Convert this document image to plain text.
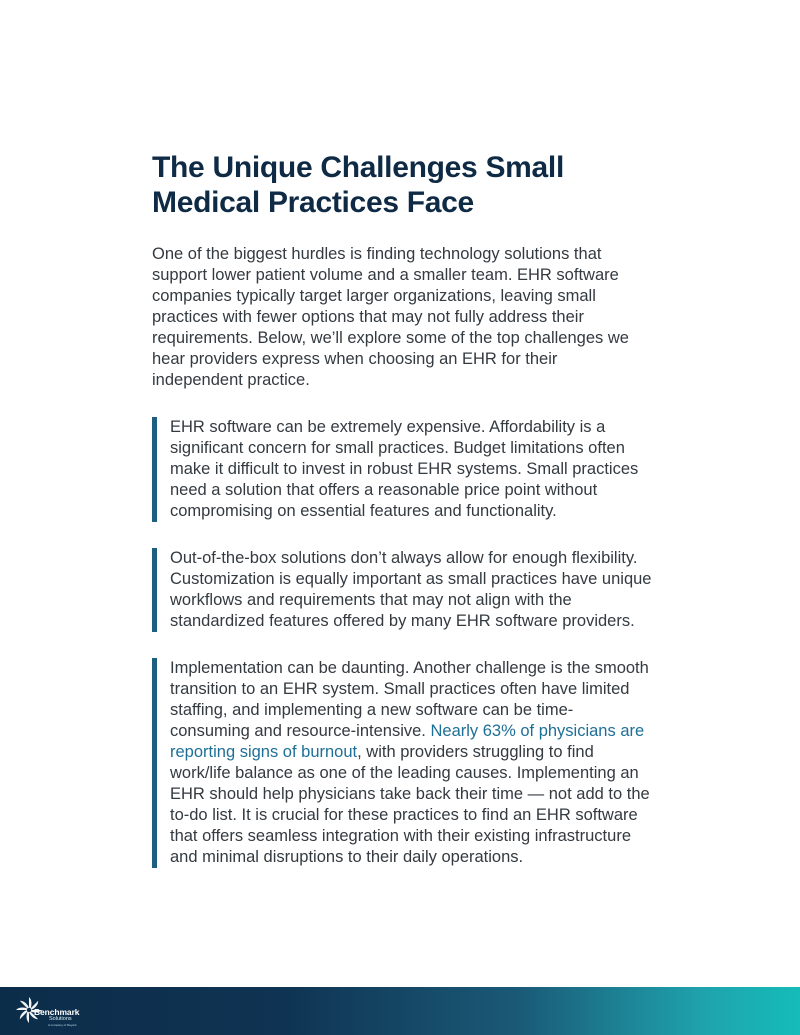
The Unique Challenges Small Medical Practices Face

One of the biggest hurdles is finding technology solutions that support lower patient volume and a smaller team. EHR software companies typically target larger organizations, leaving small practices with fewer options that may not fully address their requirements. Below, we’ll explore some of the top challenges we hear providers express when choosing an EHR for their independent practice.

EHR software can be extremely expensive. Affordability is a significant concern for small practices. Budget limitations often make it difficult to invest in robust EHR systems. Small practices need a solution that offers a reasonable price point without compromising on essential features and functionality.

Out-of-the-box solutions don’t always allow for enough flexibility. Customization is equally important as small practices have unique workflows and requirements that may not align with the standardized features offered by many EHR software providers.

Implementation can be daunting. Another challenge is the smooth transition to an EHR system. Small practices often have limited staffing, and implementing a new software can be time-consuming and resource-intensive. Nearly 63% of physicians are reporting signs of burnout, with providers struggling to find work/life balance as one of the leading causes. Implementing an EHR should help physicians take back their time — not add to the to-do list. It is crucial for these practices to find an EHR software that offers seamless integration with their existing infrastructure and minimal disruptions to their daily operations.

Benchmark
Solutions
A company of Rayant
